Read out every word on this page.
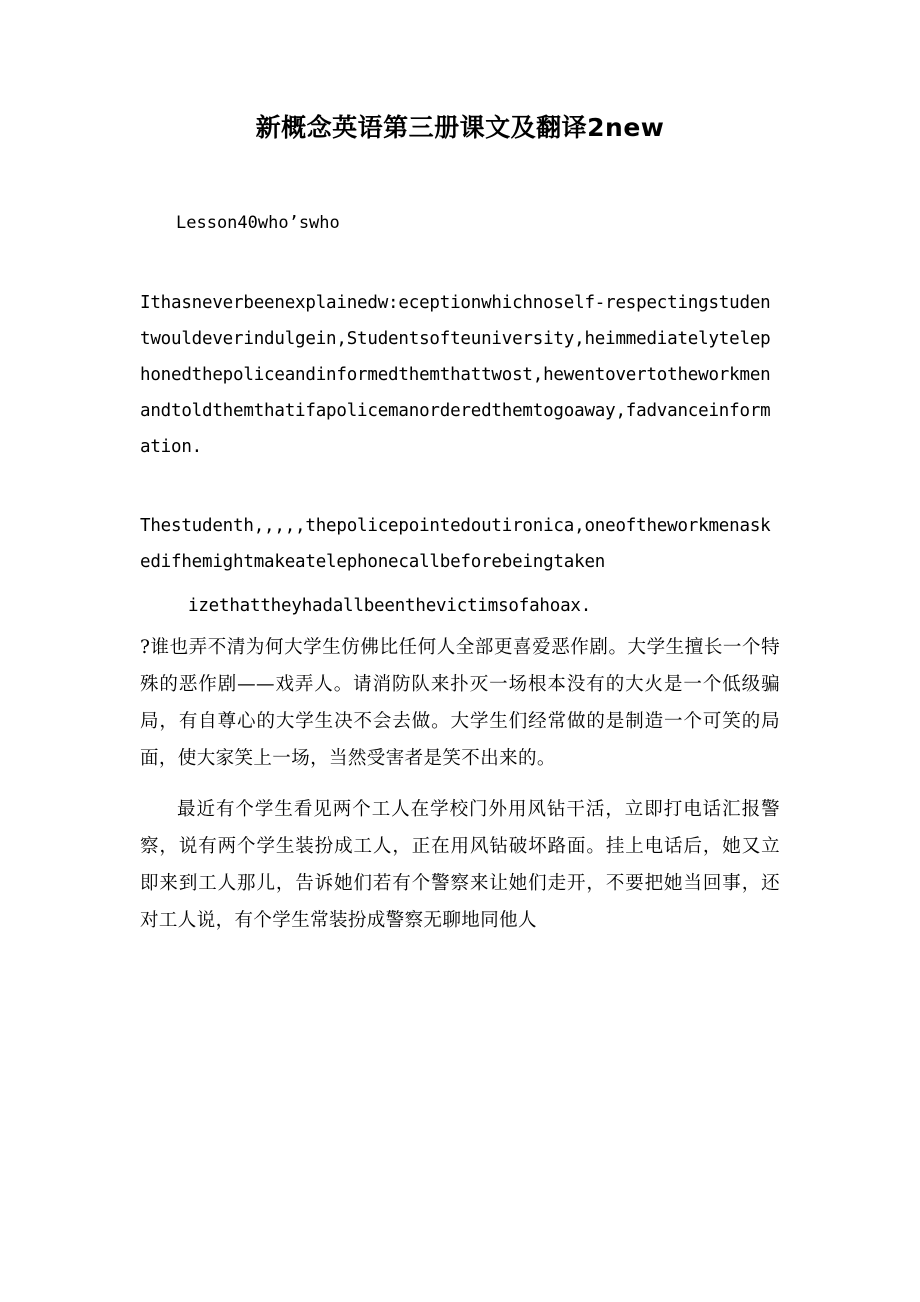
新概念英语第三册课文及翻译2new

Lesson40who’swho

Ithasneverbeenexplainedw:eceptionwhichnoself-respectingstudentwouldeverindulgein,Studentsofteuniversity,heimmediatelytelephonedthepoliceandinformedthemthattwost,hewentovertotheworkmenandtoldthemthatifapolicemanorderedthemtogoaway,fadvanceinformation.

Thestudenth,,,,,thepolicepointedoutironica,oneoftheworkmenaskedifhemightmakeatelephonecallbeforebeingtaken

izethattheyhadallbeenthevictimsofahoax.

?谁也弄不清为何大学生仿佛比任何人全部更喜爱恶作剧。大学生擅长一个特殊的恶作剧——戏弄人。请消防队来扑灭一场根本没有的大火是一个低级骗局，有自尊心的大学生决不会去做。大学生们经常做的是制造一个可笑的局面，使大家笑上一场，当然受害者是笑不出来的。

最近有个学生看见两个工人在学校门外用风钻干活，立即打电话汇报警察，说有两个学生装扮成工人，正在用风钻破坏路面。挂上电话后，她又立即来到工人那儿，告诉她们若有个警察来让她们走开，不要把她当回事，还对工人说，有个学生常装扮成警察无聊地同他人
